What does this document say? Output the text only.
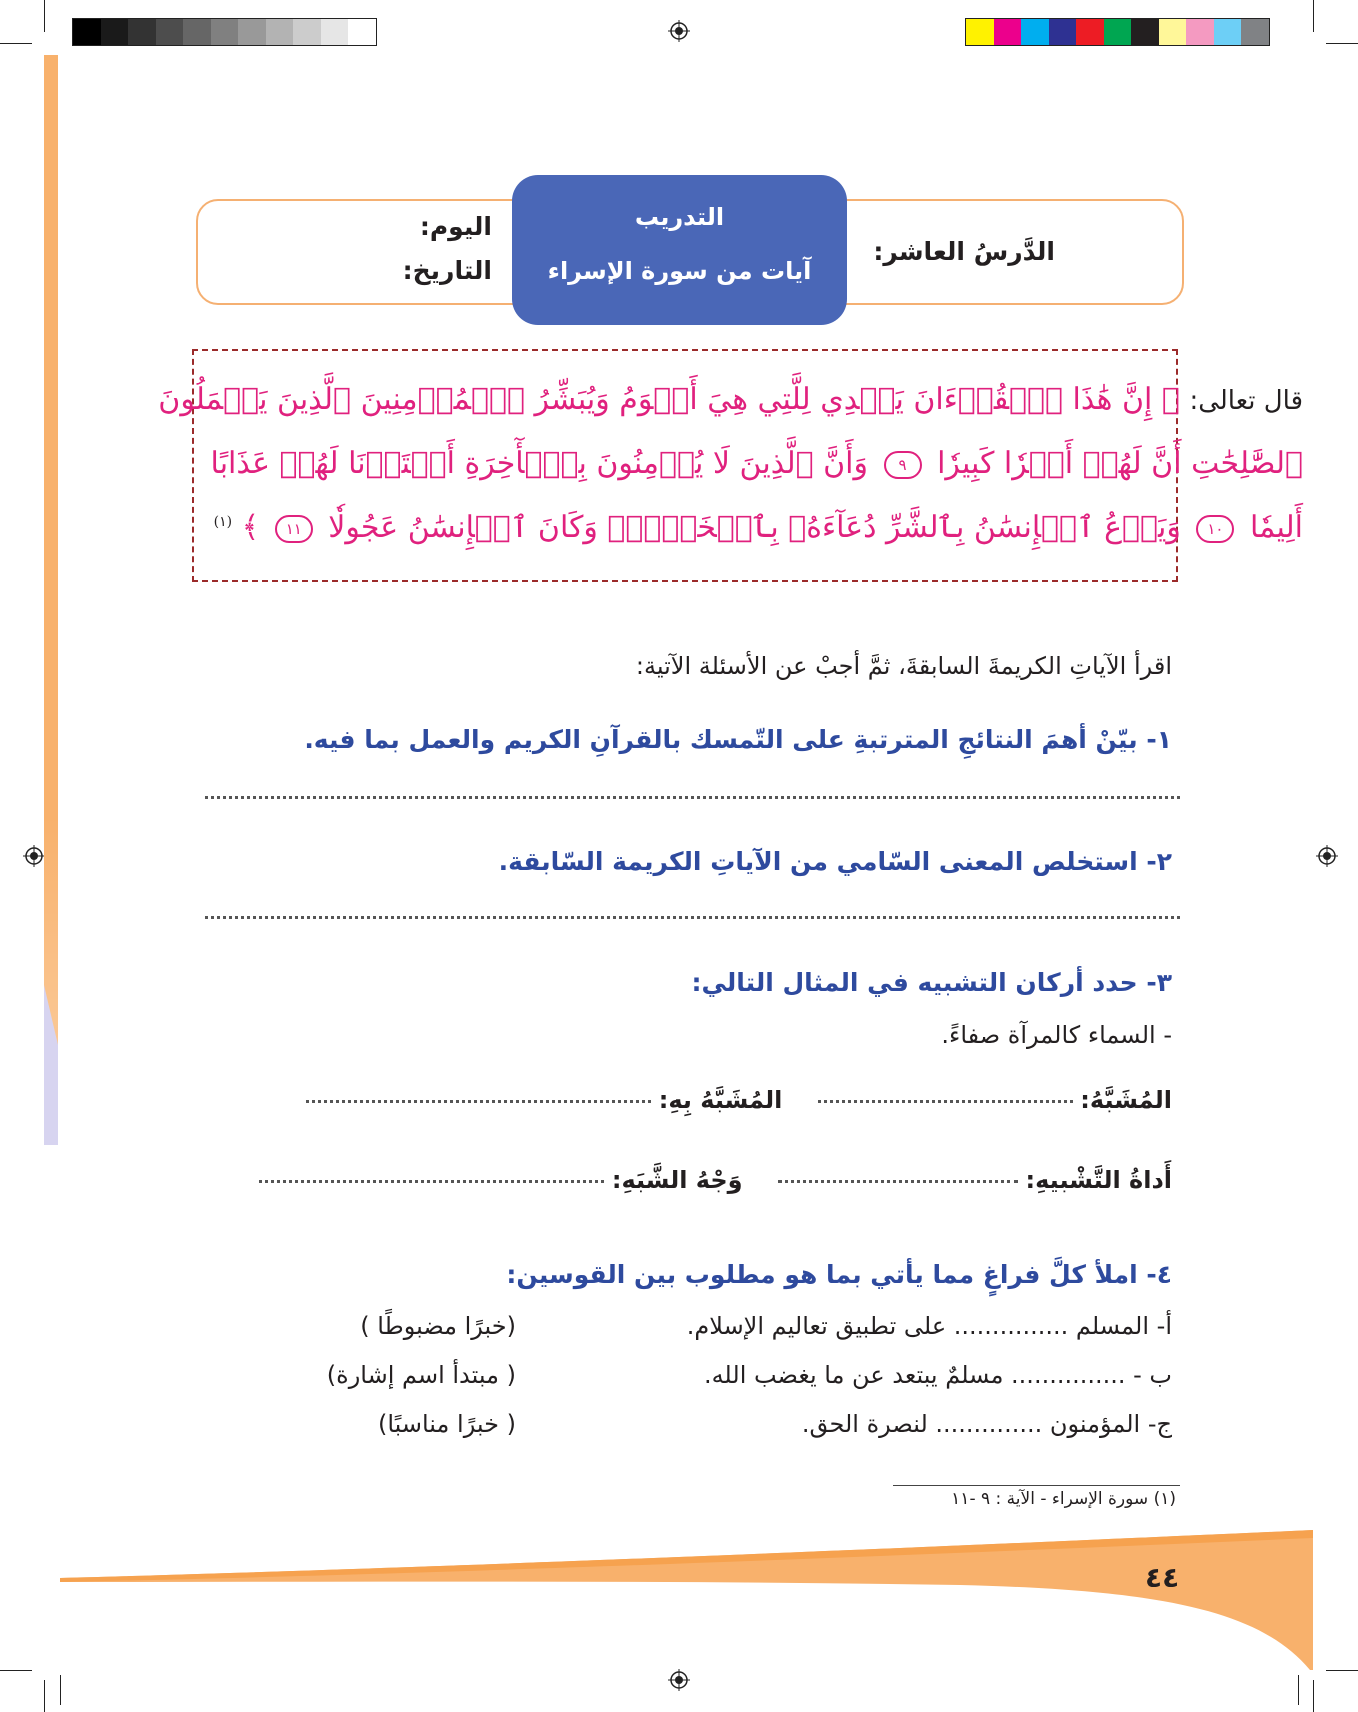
الدَّرسُ العاشر:
اليوم:
التاريخ:
التدريب
آيات من سورة الإسراء
قال تعالى: ﴿ إِنَّ هَٰذَا ٱلۡقُرۡءَانَ يَهۡدِي لِلَّتِي هِيَ أَقۡوَمُ وَيُبَشِّرُ ٱلۡمُؤۡمِنِينَ ٱلَّذِينَ يَعۡمَلُونَ
ٱلصَّٰلِحَٰتِ أَنَّ لَهُمۡ أَجۡرٗا كَبِيرٗا ٩ وَأَنَّ ٱلَّذِينَ لَا يُؤۡمِنُونَ بِٱلۡأٓخِرَةِ أَعۡتَدۡنَا لَهُمۡ عَذَابًا
أَلِيمٗا ١٠ وَيَدۡعُ ٱلۡإِنسَٰنُ بِٱلشَّرِّ دُعَآءَهُۥ بِٱلۡخَيۡرِۖ وَكَانَ ٱلۡإِنسَٰنُ عَجُولٗا ١١ ﴾ $^{(١)}$
اقرأ الآياتِ الكريمةَ السابقةَ، ثمَّ أجبْ عن الأسئلة الآتية:
١- بيّنْ أهمَ النتائجِ المترتبةِ على التّمسك بالقرآنِ الكريم والعمل بما فيه.
٢- استخلص المعنى السّامي من الآياتِ الكريمة السّابقة.
٣- حدد أركان التشبيه في المثال التالي:
- السماء كالمرآة صفاءً.
المُشَبَّهُ:   المُشَبَّهُ بِهِ:
أَداةُ التَّشْبيهِ:   وَجْهُ الشَّبَهِ:
٤- املأ كلَّ فراغٍ مما يأتي بما هو مطلوب بين القوسين:
أ- المسلم ............... على تطبيق تعاليم الإسلام.
(خبرًا مضبوطًا )
ب - ............... مسلمٌ يبتعد عن ما يغضب الله.
( مبتدأ اسم إشارة)
ج- المؤمنون .............. لنصرة الحق.
( خبرًا مناسبًا)
(١) سورة الإسراء - الآية : ٩ -١١
٤٤
